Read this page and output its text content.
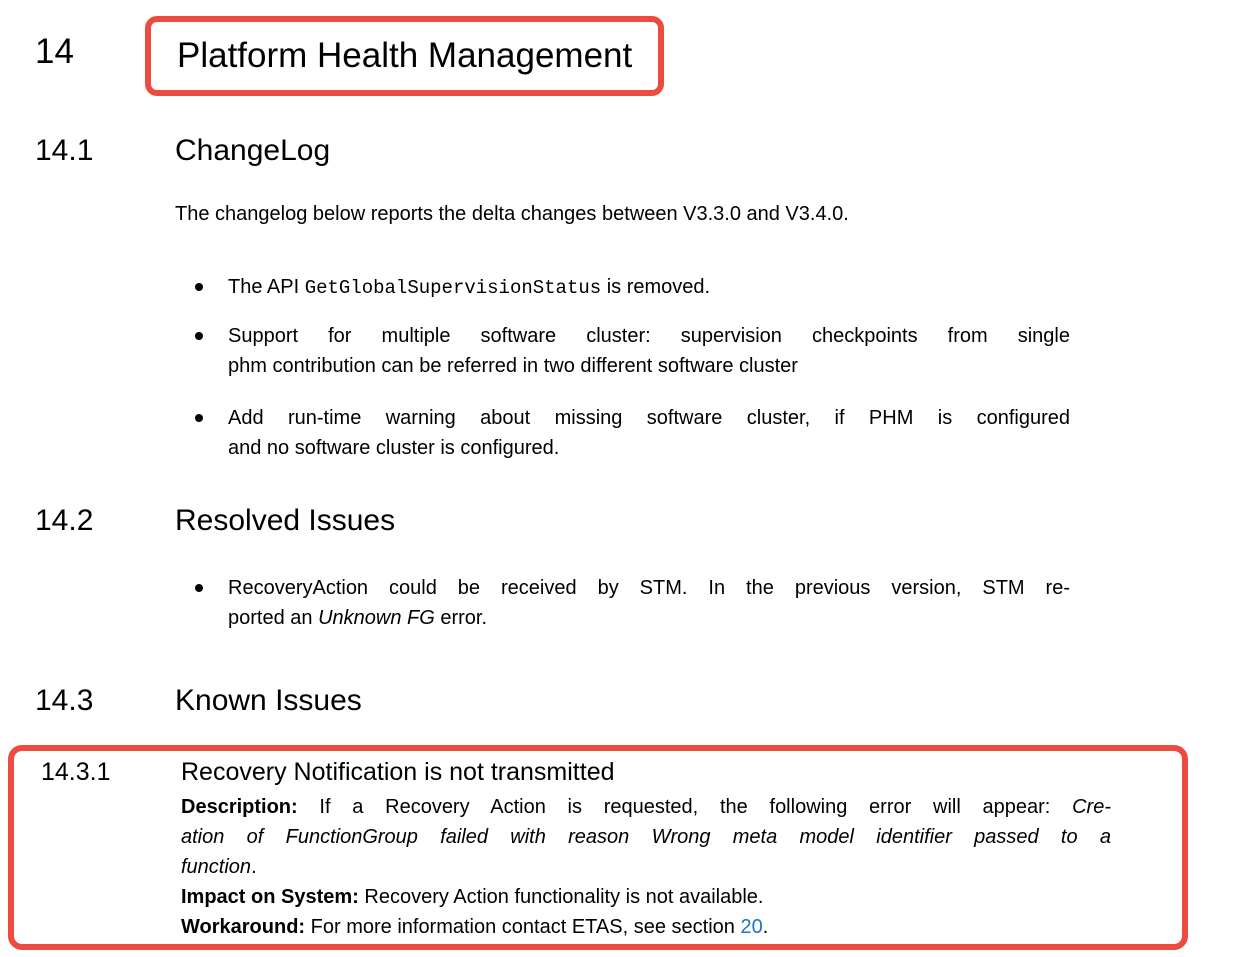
14	Platform Health Management
14.1	ChangeLog
The changelog below reports the delta changes between V3.3.0 and V3.4.0.
The API GetGlobalSupervisionStatus is removed.
Support for multiple software cluster: supervision checkpoints from single
phm contribution can be referred in two different software cluster
Add run-time warning about missing software cluster, if PHM is configured
and no software cluster is configured.
14.2	Resolved Issues
RecoveryAction could be received by STM. In the previous version, STM re-
ported an Unknown FG error.
14.3	Known Issues
14.3.1	Recovery Notification is not transmitted
Description: If a Recovery Action is requested, the following error will appear: Cre-
ation of FunctionGroup failed with reason Wrong meta model identifier passed to a
function.
Impact on System: Recovery Action functionality is not available.
Workaround: For more information contact ETAS, see section 20.
